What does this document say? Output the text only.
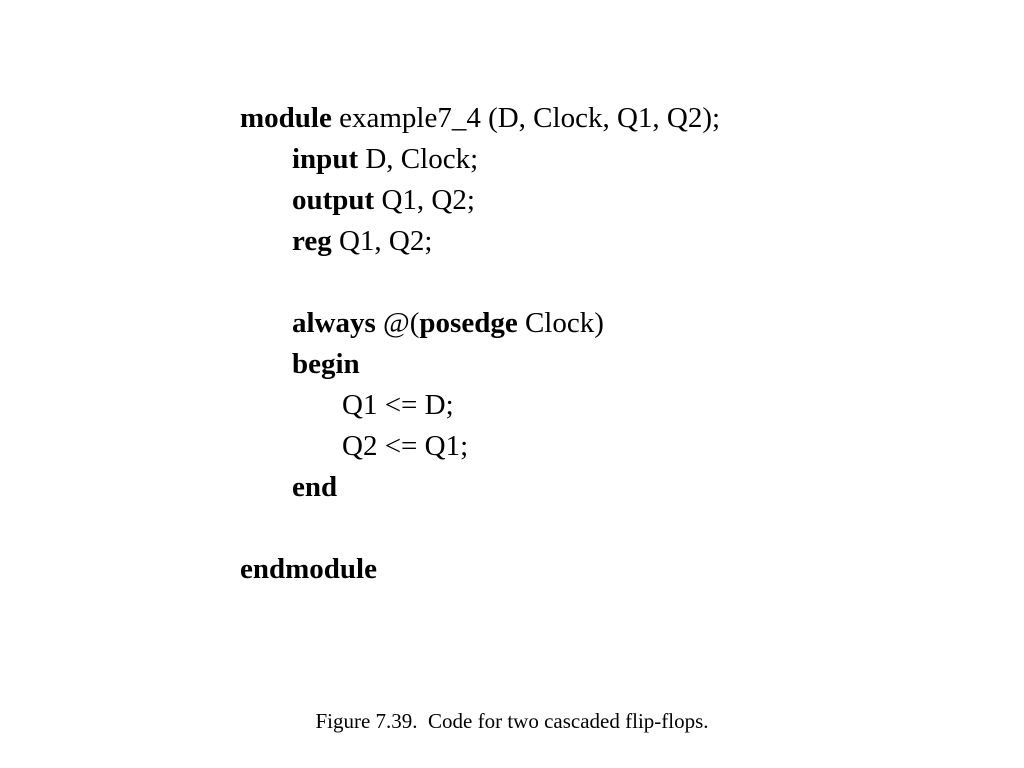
module example7_4 (D, Clock, Q1, Q2);
input D, Clock;
output Q1, Q2;
reg Q1, Q2;
always @(posedge Clock)
begin
Q1 <= D;
Q2 <= Q1;
end
endmodule
Figure 7.39.  Code for two cascaded flip-flops.
